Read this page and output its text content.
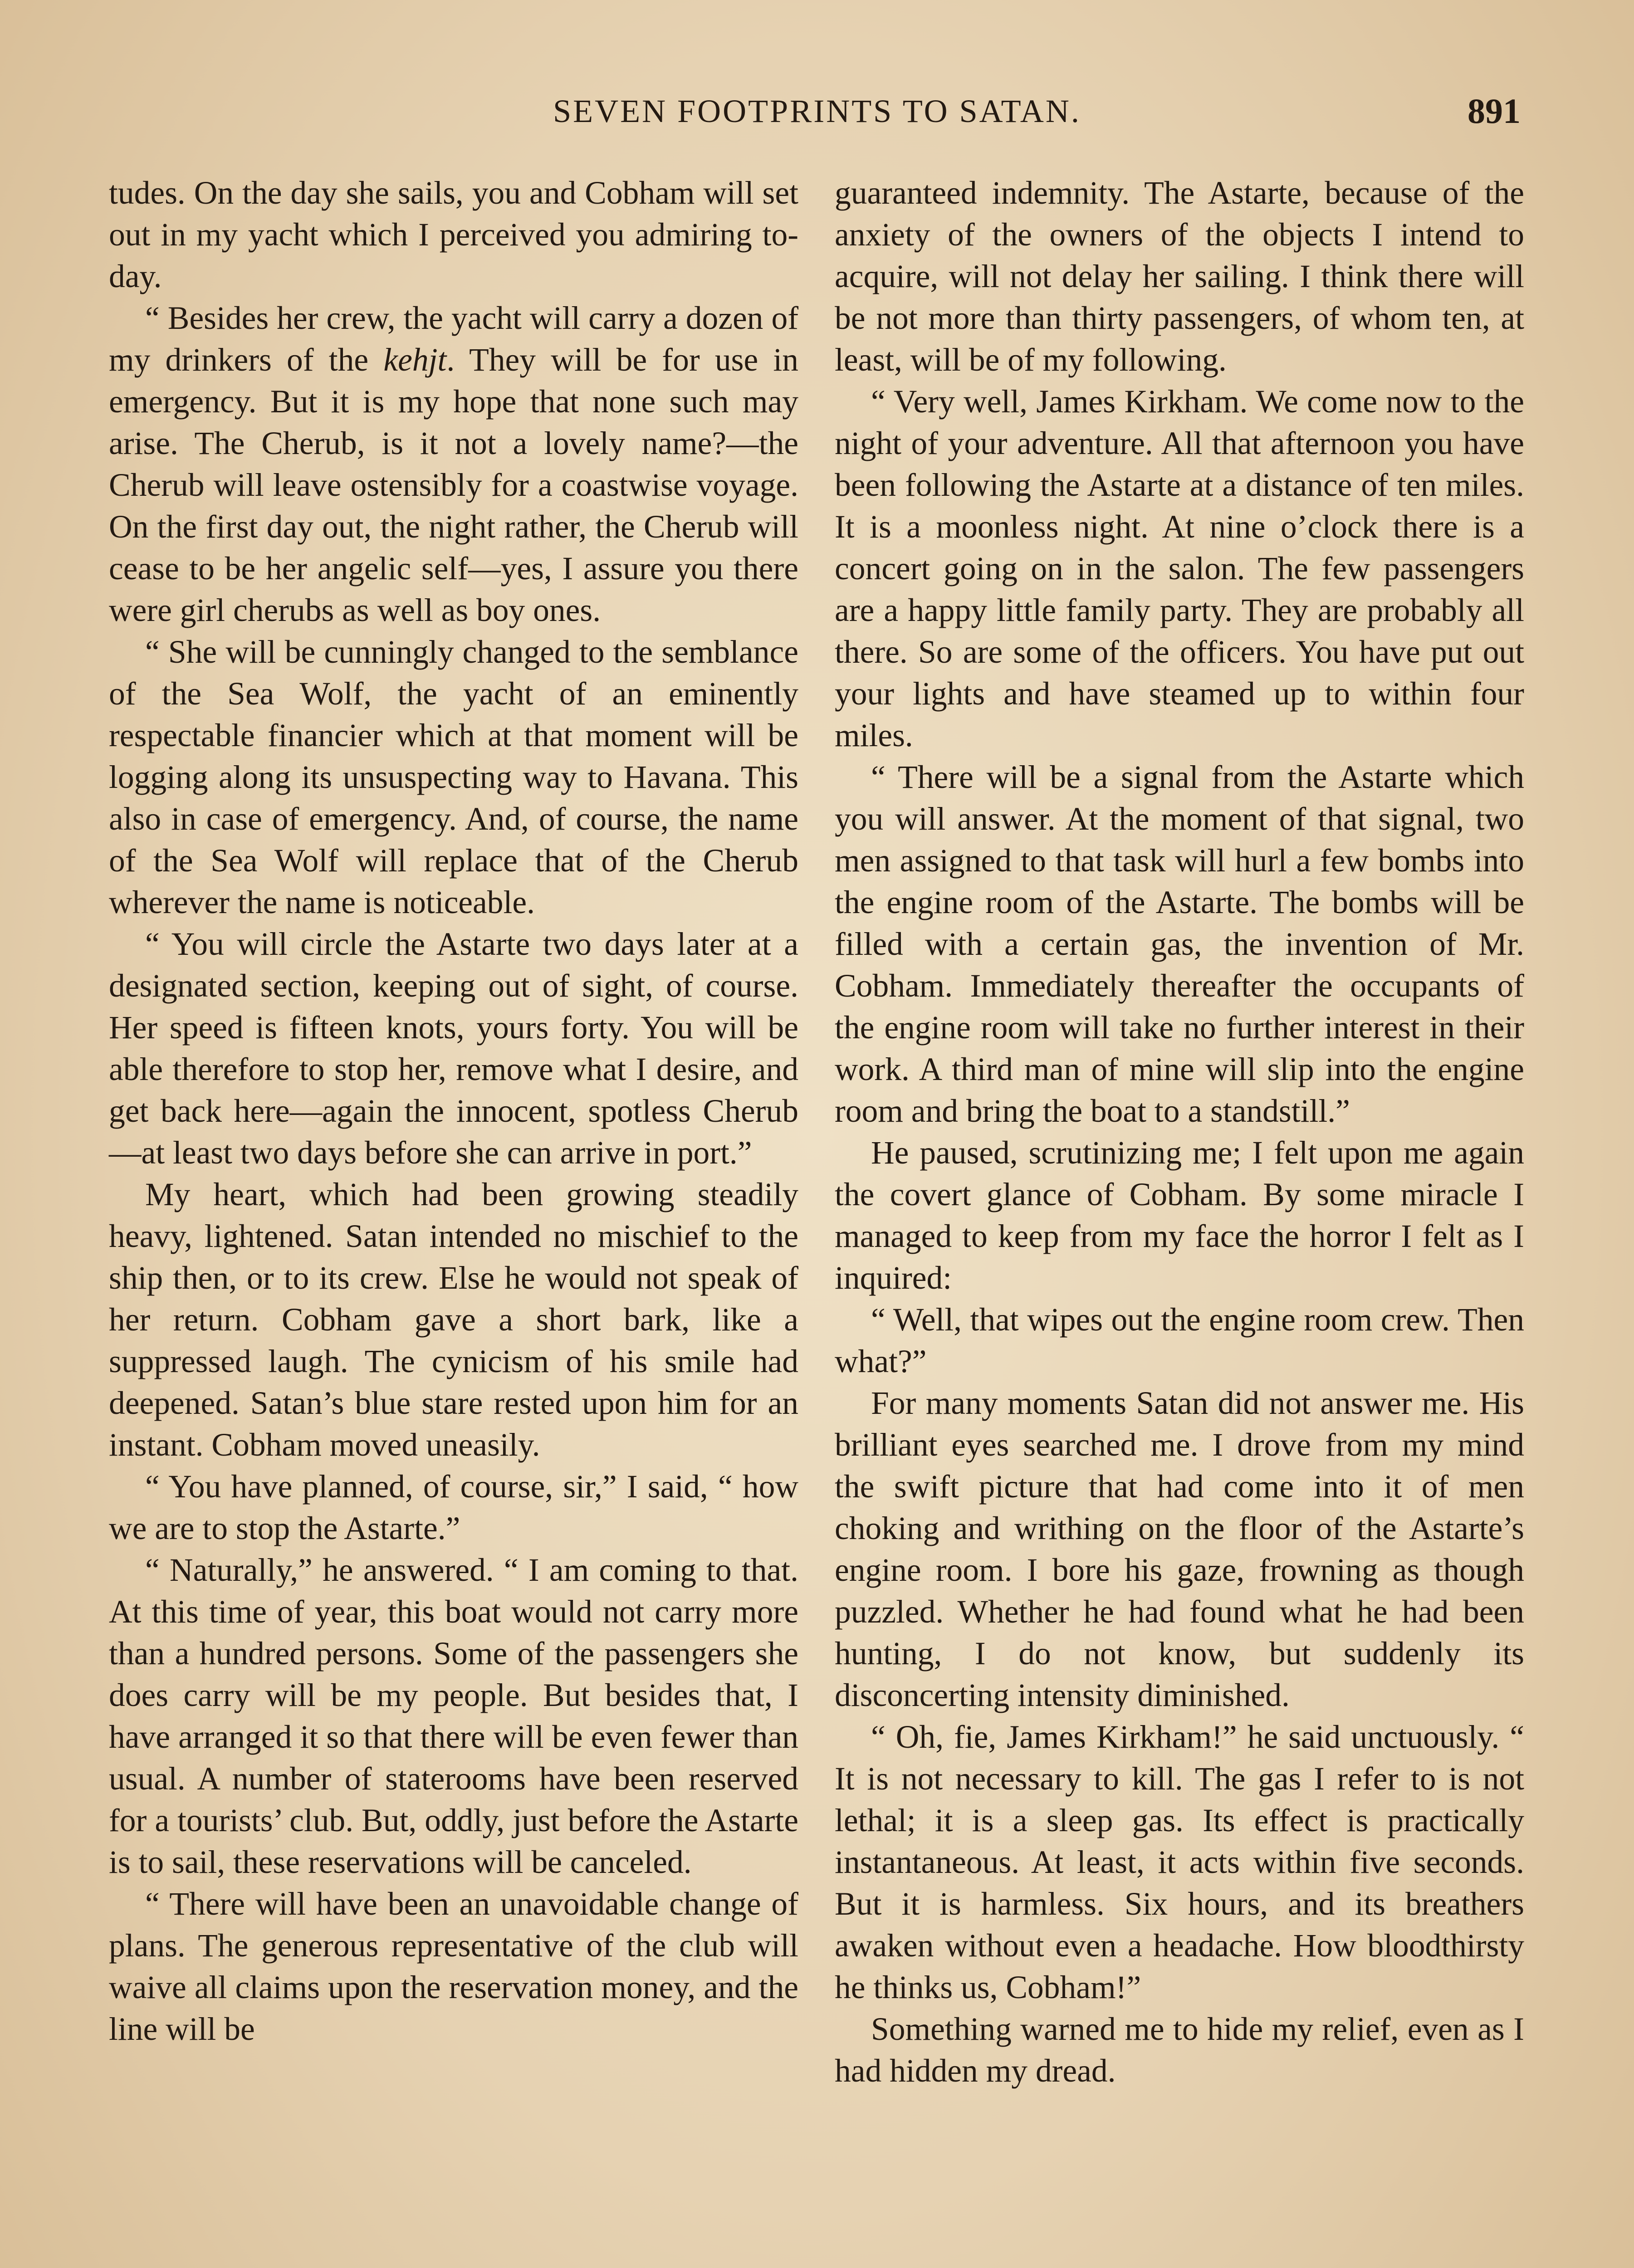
SEVEN FOOTPRINTS TO SATAN.	891

tudes. On the day she sails, you and Cobham will set out in my yacht which I perceived you admiring to-day.

“ Besides her crew, the yacht will carry a dozen of my drinkers of the kehjt. They will be for use in emergency. But it is my hope that none such may arise. The Cherub, is it not a lovely name?—the Cherub will leave ostensibly for a coastwise voyage. On the first day out, the night rather, the Cherub will cease to be her angelic self—yes, I assure you there were girl cherubs as well as boy ones.

“ She will be cunningly changed to the semblance of the Sea Wolf, the yacht of an eminently respectable financier which at that moment will be logging along its unsuspecting way to Havana. This also in case of emergency. And, of course, the name of the Sea Wolf will replace that of the Cherub wherever the name is noticeable.

“ You will circle the Astarte two days later at a designated section, keeping out of sight, of course. Her speed is fifteen knots, yours forty. You will be able therefore to stop her, remove what I desire, and get back here—again the innocent, spotless Cherub—at least two days before she can arrive in port.”

My heart, which had been growing steadily heavy, lightened. Satan intended no mischief to the ship then, or to its crew. Else he would not speak of her return. Cobham gave a short bark, like a suppressed laugh. The cynicism of his smile had deepened. Satan’s blue stare rested upon him for an instant. Cobham moved uneasily.

“ You have planned, of course, sir,” I said, “ how we are to stop the Astarte.”

“ Naturally,” he answered. “ I am coming to that. At this time of year, this boat would not carry more than a hundred persons. Some of the passengers she does carry will be my people. But besides that, I have arranged it so that there will be even fewer than usual. A number of staterooms have been reserved for a tourists’ club. But, oddly, just before the Astarte is to sail, these reservations will be canceled.

“ There will have been an unavoidable change of plans. The generous representative of the club will waive all claims upon the reservation money, and the line will be

guaranteed indemnity. The Astarte, because of the anxiety of the owners of the objects I intend to acquire, will not delay her sailing. I think there will be not more than thirty passengers, of whom ten, at least, will be of my following.

“ Very well, James Kirkham. We come now to the night of your adventure. All that afternoon you have been following the Astarte at a distance of ten miles. It is a moonless night. At nine o’clock there is a concert going on in the salon. The few passengers are a happy little family party. They are probably all there. So are some of the officers. You have put out your lights and have steamed up to within four miles.

“ There will be a signal from the Astarte which you will answer. At the moment of that signal, two men assigned to that task will hurl a few bombs into the engine room of the Astarte. The bombs will be filled with a certain gas, the invention of Mr. Cobham. Immediately thereafter the occupants of the engine room will take no further interest in their work. A third man of mine will slip into the engine room and bring the boat to a standstill.”

He paused, scrutinizing me; I felt upon me again the covert glance of Cobham. By some miracle I managed to keep from my face the horror I felt as I inquired:

“ Well, that wipes out the engine room crew. Then what?”

For many moments Satan did not answer me. His brilliant eyes searched me. I drove from my mind the swift picture that had come into it of men choking and writhing on the floor of the Astarte’s engine room. I bore his gaze, frowning as though puzzled. Whether he had found what he had been hunting, I do not know, but suddenly its disconcerting intensity diminished.

“ Oh, fie, James Kirkham!” he said unctuously. “ It is not necessary to kill. The gas I refer to is not lethal; it is a sleep gas. Its effect is practically instantaneous. At least, it acts within five seconds. But it is harmless. Six hours, and its breathers awaken without even a headache. How bloodthirsty he thinks us, Cobham!”

Something warned me to hide my relief, even as I had hidden my dread.
